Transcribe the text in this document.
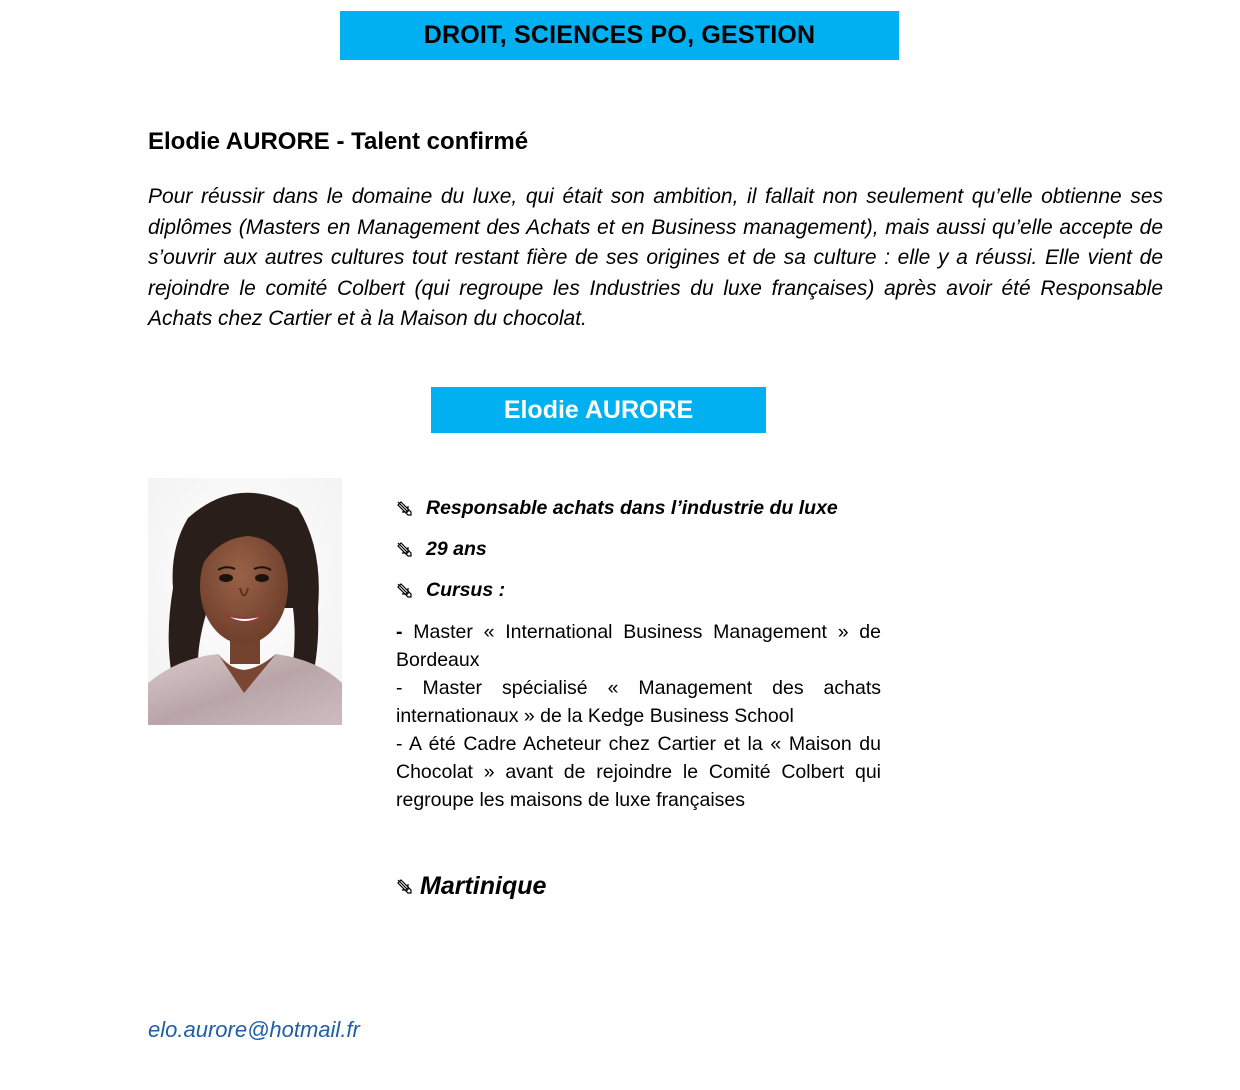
DROIT, SCIENCES PO, GESTION
Elodie AURORE - Talent confirmé

Pour réussir dans le domaine du luxe, qui était son ambition, il fallait non seulement qu’elle obtienne ses diplômes (Masters en Management des Achats et en Business management), mais aussi qu’elle accepte de s’ouvrir aux autres cultures tout restant fière de ses origines et de sa culture : elle y a réussi. Elle vient de rejoindre le comité Colbert (qui regroupe les Industries du luxe françaises) après avoir été Responsable Achats chez Cartier et à la Maison du chocolat.

Elodie AURORE
Responsable achats dans l’industrie du luxe
29 ans
Cursus :

- Master « International Business Management » de Bordeaux

- Master spécialisé « Management des achats internationaux » de la Kedge Business School

- A été Cadre Acheteur chez Cartier et la « Maison du Chocolat » avant de rejoindre le Comité Colbert qui regroupe les maisons de luxe françaises

Martinique
elo.aurore@hotmail.fr
